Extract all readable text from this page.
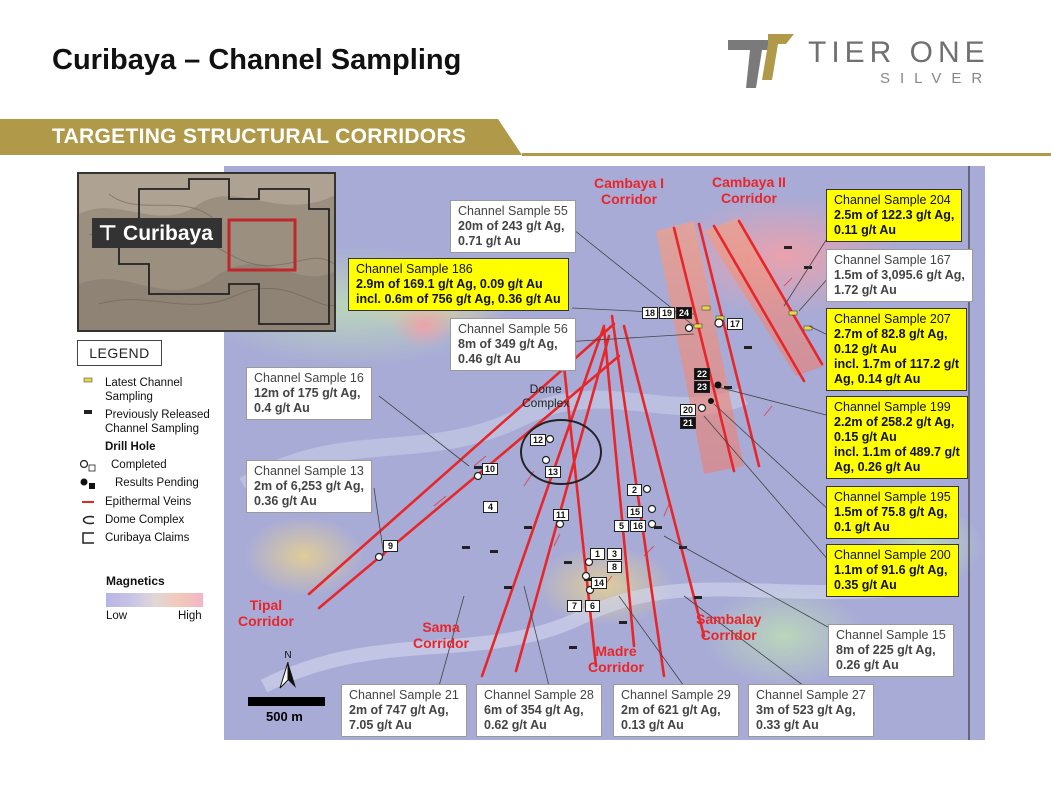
Curibaya – Channel Sampling	TIER ONE
SILVER
TARGETING STRUCTURAL CORRIDORS
⊤ Curibaya
LEGEND
Latest Channel
Sampling
Previously Released
Channel Sampling
Drill Hole
Completed
Results Pending
Epithermal Veins
Dome Complex
Curibaya Claims
Magnetics
Low	High
Dome
Complex
Cambaya I
Corridor
Cambaya II
Corridor
Tipal
Corridor	Sama
Corridor	Madre
Corridor
Sambalay
Corridor
18 19 24
17
22
23
20
21
12
13
10
4
11
9
2
15
5	16
1	3
8
14
7	6
Channel Sample 55
20m of 243 g/t Ag,
0.71 g/t Au
Channel Sample 186
2.9m of 169.1 g/t Ag, 0.09 g/t Au
incl. 0.6m of 756 g/t Ag, 0.36 g/t Au
Channel Sample 56
8m of 349 g/t Ag,
0.46 g/t Au
Channel Sample 16
12m of 175 g/t Ag,
0.4 g/t Au
Channel Sample 13
2m of 6,253 g/t Ag,
0.36 g/t Au
Channel Sample 204
2.5m of 122.3 g/t Ag,
0.11 g/t Au
Channel Sample 167
1.5m of 3,095.6 g/t Ag,
1.72 g/t Au
Channel Sample 207
2.7m of 82.8 g/t Ag,
0.12 g/t Au
incl. 1.7m of 117.2 g/t
Ag, 0.14 g/t Au
Channel Sample 199
2.2m of 258.2 g/t Ag,
0.15 g/t Au
incl. 1.1m of 489.7 g/t
Ag, 0.26 g/t Au
Channel Sample 195
1.5m of 75.8 g/t Ag,
0.1 g/t Au
Channel Sample 200
1.1m of 91.6 g/t Ag,
0.35 g/t Au
Channel Sample 15
8m of 225 g/t Ag,
0.26 g/t Au
Channel Sample 21
2m of 747 g/t Ag,
7.05 g/t Au
Channel Sample 28
6m of 354 g/t Ag,
0.62 g/t Au
Channel Sample 29
2m of 621 g/t Ag,
0.13 g/t Au
Channel Sample 27
3m of 523 g/t Ag,
0.33 g/t Au
N
500 m
